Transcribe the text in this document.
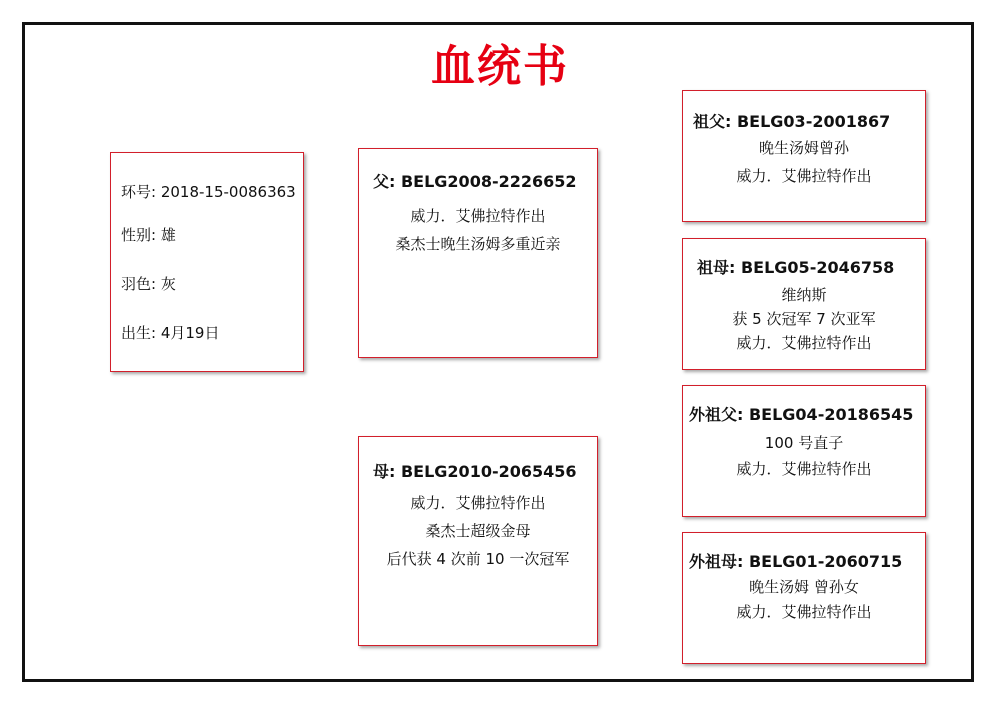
血统书
环号: 2018-15-0086363
性别: 雄
羽色: 灰
出生: 4月19日
父: BELG2008-2226652
威力．艾佛拉特作出
桑杰士晚生汤姆多重近亲
母: BELG2010-2065456
威力．艾佛拉特作出
桑杰士超级金母
后代获 4 次前 10 一次冠军
祖父: BELG03-2001867
晚生汤姆曾孙
威力．艾佛拉特作出
祖母: BELG05-2046758
维纳斯
获 5 次冠军 7 次亚军
威力．艾佛拉特作出
外祖父: BELG04-20186545
100 号直子
威力．艾佛拉特作出
外祖母: BELG01-2060715
晚生汤姆 曾孙女
威力．艾佛拉特作出
